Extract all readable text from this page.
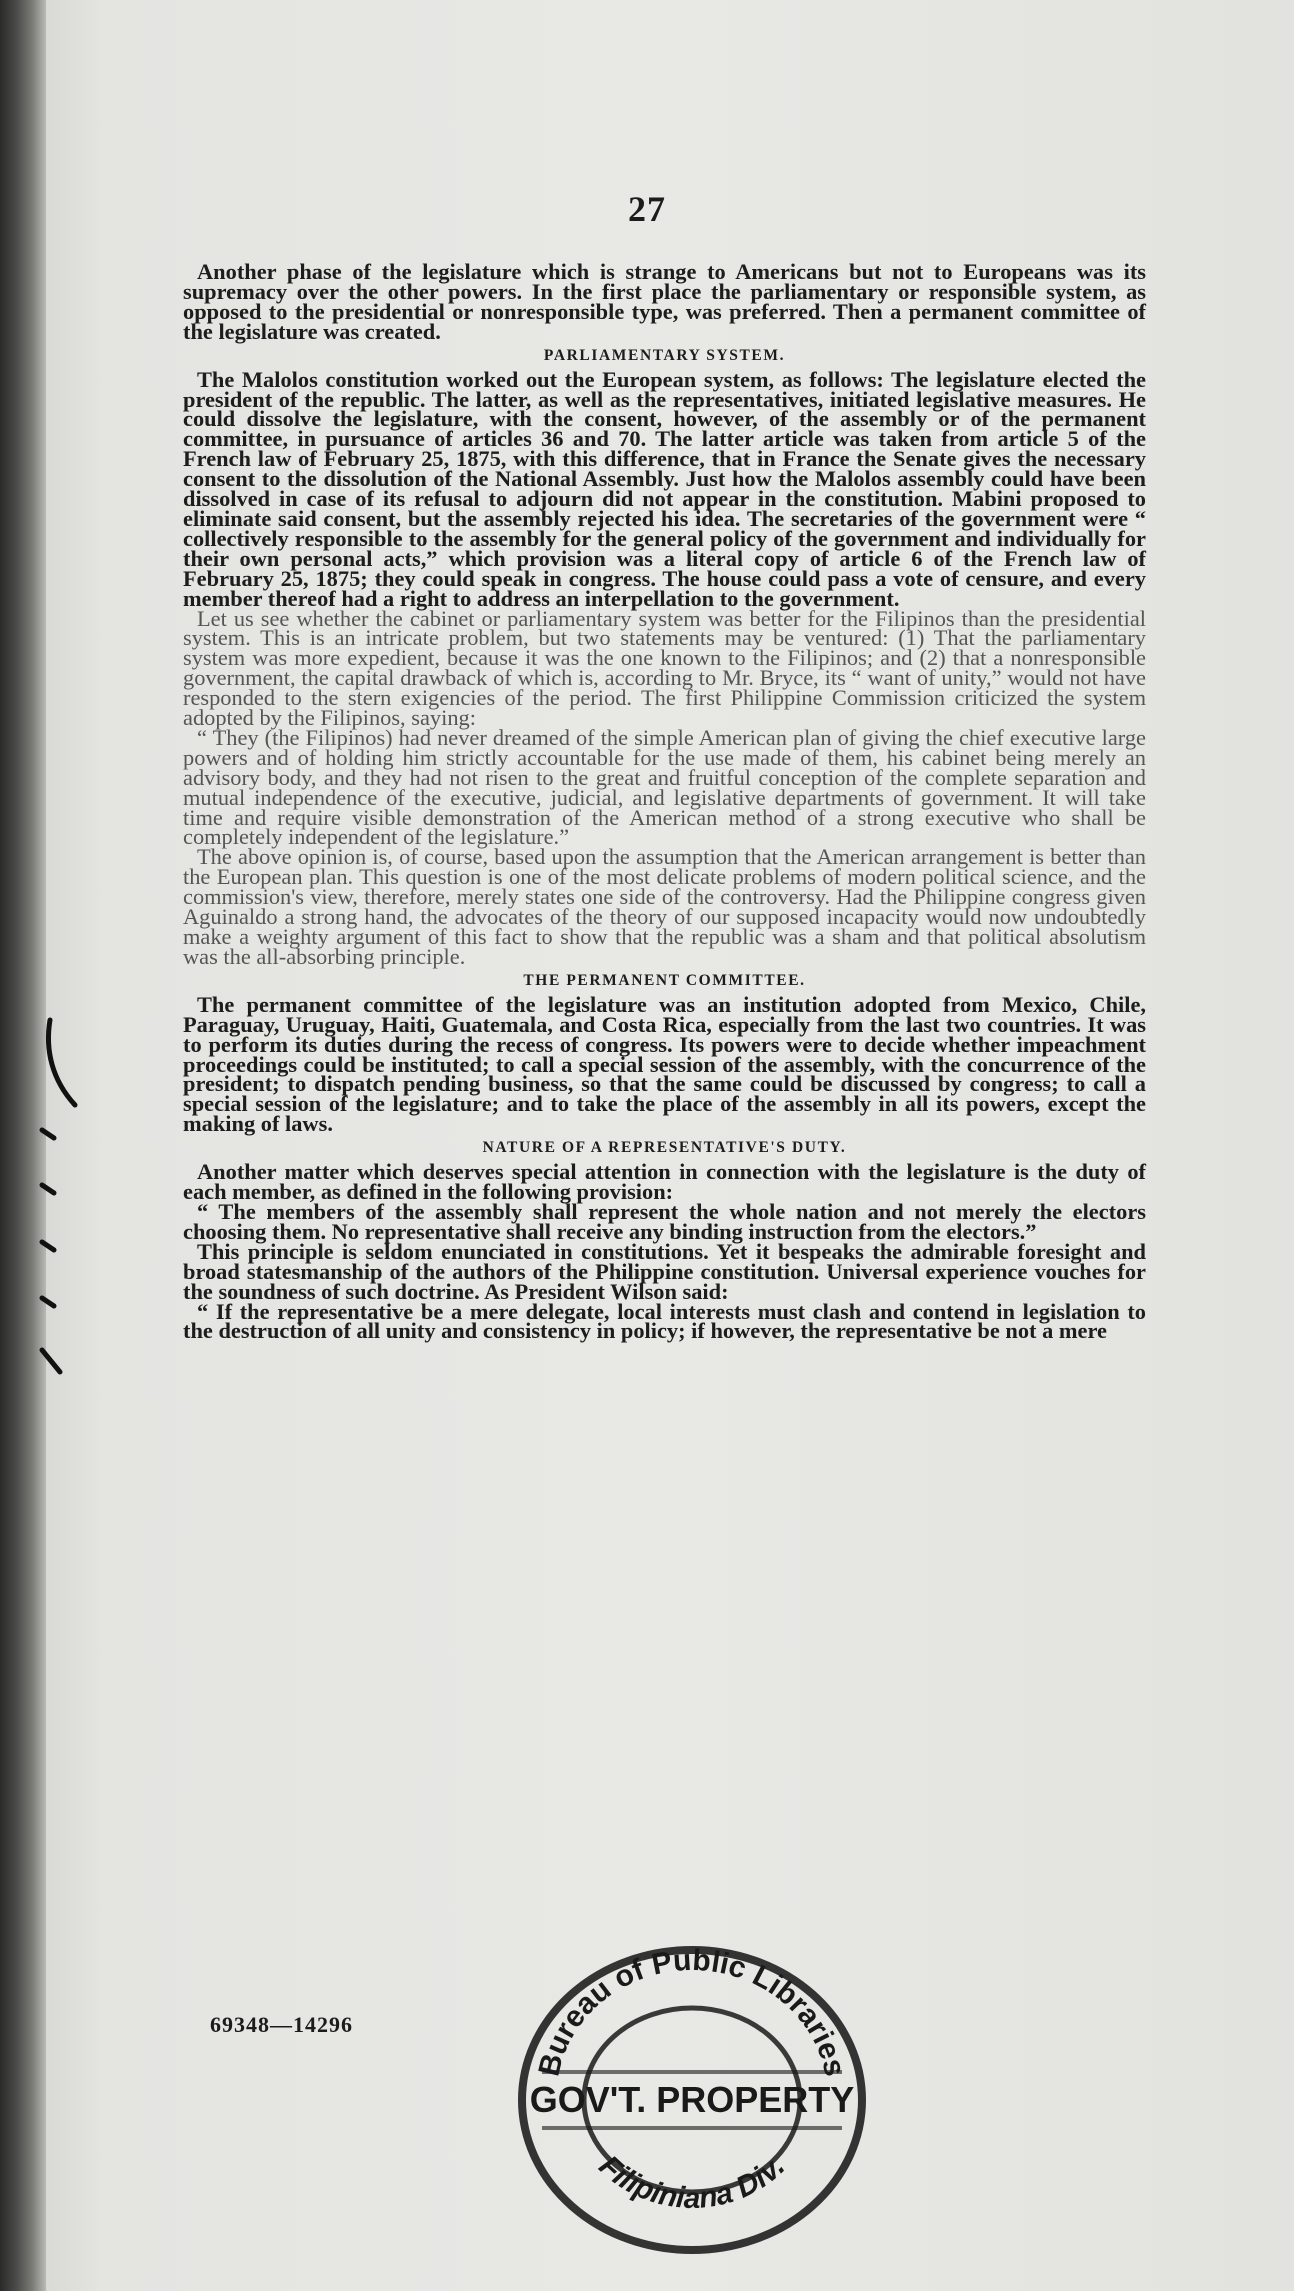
27

Another phase of the legislature which is strange to Americans but not to Europeans was its supremacy over the other powers. In the first place the parliamentary or responsible system, as opposed to the presidential or nonresponsible type, was preferred. Then a permanent committee of the legislature was created.

PARLIAMENTARY SYSTEM.

The Malolos constitution worked out the European system, as follows: The legislature elected the president of the republic. The latter, as well as the representatives, initiated legislative measures. He could dissolve the legislature, with the consent, however, of the assembly or of the permanent committee, in pursuance of articles 36 and 70. The latter article was taken from article 5 of the French law of February 25, 1875, with this difference, that in France the Senate gives the necessary consent to the dissolution of the National Assembly. Just how the Malolos assembly could have been dissolved in case of its refusal to adjourn did not appear in the constitution. Mabini proposed to eliminate said consent, but the assembly rejected his idea. The secretaries of the government were “ collectively responsible to the assembly for the general policy of the government and individually for their own personal acts,” which provision was a literal copy of article 6 of the French law of February 25, 1875; they could speak in congress. The house could pass a vote of censure, and every member thereof had a right to address an interpellation to the government.

Let us see whether the cabinet or parliamentary system was better for the Filipinos than the presidential system. This is an intricate problem, but two statements may be ventured: (1) That the parliamentary system was more expedient, because it was the one known to the Filipinos; and (2) that a nonresponsible government, the capital drawback of which is, according to Mr. Bryce, its “ want of unity,” would not have responded to the stern exigencies of the period. The first Philippine Commission criticized the system adopted by the Filipinos, saying:

“ They (the Filipinos) had never dreamed of the simple American plan of giving the chief executive large powers and of holding him strictly accountable for the use made of them, his cabinet being merely an advisory body, and they had not risen to the great and fruitful conception of the complete separation and mutual independence of the executive, judicial, and legislative departments of government. It will take time and require visible demonstration of the American method of a strong executive who shall be completely independent of the legislature.”

The above opinion is, of course, based upon the assumption that the American arrangement is better than the European plan. This question is one of the most delicate problems of modern political science, and the commission's view, therefore, merely states one side of the controversy. Had the Philippine congress given Aguinaldo a strong hand, the advocates of the theory of our supposed incapacity would now undoubtedly make a weighty argument of this fact to show that the republic was a sham and that political absolutism was the all-absorbing principle.

THE PERMANENT COMMITTEE.

The permanent committee of the legislature was an institution adopted from Mexico, Chile, Paraguay, Uruguay, Haiti, Guatemala, and Costa Rica, especially from the last two countries. It was to perform its duties during the recess of congress. Its powers were to decide whether impeachment proceedings could be instituted; to call a special session of the assembly, with the concurrence of the president; to dispatch pending business, so that the same could be discussed by congress; to call a special session of the legislature; and to take the place of the assembly in all its powers, except the making of laws.

NATURE OF A REPRESENTATIVE'S DUTY.

Another matter which deserves special attention in connection with the legislature is the duty of each member, as defined in the following provision:

“ The members of the assembly shall represent the whole nation and not merely the electors choosing them. No representative shall receive any binding instruction from the electors.”

This principle is seldom enunciated in constitutions. Yet it bespeaks the admirable foresight and broad statesmanship of the authors of the Philippine constitution. Universal experience vouches for the soundness of such doctrine. As President Wilson said:

“ If the representative be a mere delegate, local interests must clash and contend in legislation to the destruction of all unity and consistency in policy; if however, the representative be not a mere

69348—14296
Bureau of Public Libraries
GOV'T. PROPERTY
Filipiniana Div.
